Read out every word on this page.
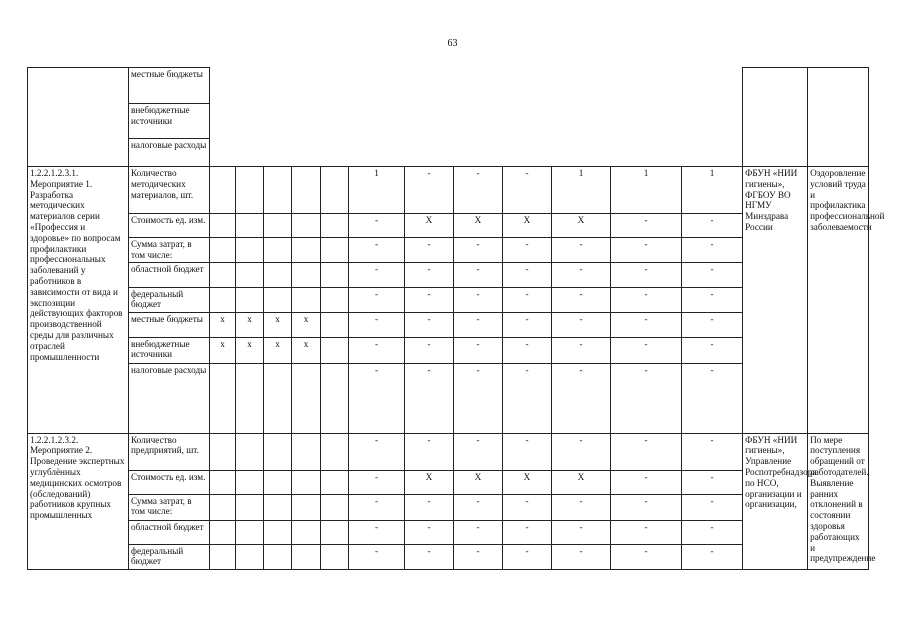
63
	местные бюджеты														
	внебюджетные источники														
	налоговые расходы														
1.2.2.1.2.3.1. Мероприятие 1. Разработка методических материалов серии «Профессия и здоровье» по вопросам профилактики профессиональных заболеваний у работников в зависимости от вида и экспозиции действующих факторов производственной среды для различных отраслей промышленности	Количество методических материалов, шт.						1	-	-	-	1	1	1	ФБУН «НИИ гигиены», ФГБОУ ВО НГМУ Минздрава России	Оздоровление условий труда и профилактика профессиональной заболеваемости
	Стоимость ед. изм.						-	X	X	X	X	-	-		
	Сумма затрат, в том числе:						-	-	-	-	-	-	-		
	областной бюджет						-	-	-	-	-	-	-		
	федеральный бюджет						-	-	-	-	-	-	-		
	местные бюджеты	x	x	x	x		-	-	-	-	-	-	-		
	внебюджетные источники	x	x	x	x		-	-	-	-	-	-	-		
	налоговые расходы						-	-	-	-	-	-	-		
1.2.2.1.2.3.2. Мероприятие 2. Проведение экспертных углублённых медицинских осмотров (обследований) работников крупных промышленных	Количество предприятий, шт.						-	-	-	-	-	-	-	ФБУН «НИИ гигиены», Управление Роспотребнадзора по НСО, организации и организации,	По мере поступления обращений от работодателей. Выявление ранних отклонений в состоянии здоровья работающих и предупреждение
	Стоимость ед. изм.						-	X	X	X	X	-	-		
	Сумма затрат, в том числе:						-	-	-	-	-	-	-		
	областной бюджет						-	-	-	-	-	-	-		
	федеральный бюджет						-	-	-	-	-	-	-		
